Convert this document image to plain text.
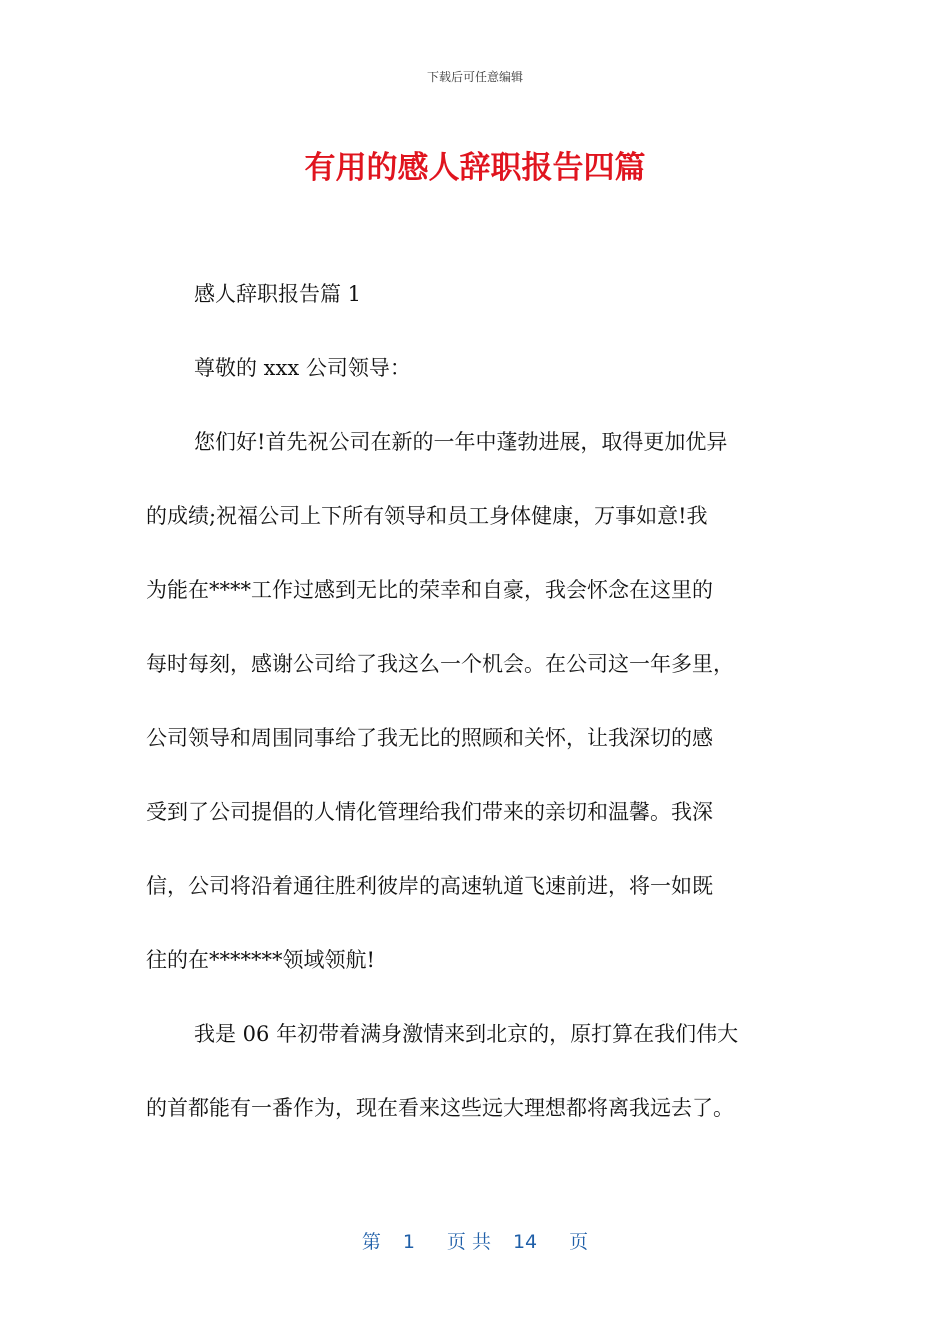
下载后可任意编辑
有用的感人辞职报告四篇

感人辞职报告篇 1

尊敬的 xxx 公司领导：

您们好!首先祝公司在新的一年中蓬勃进展，取得更加优异
的成绩;祝福公司上下所有领导和员工身体健康，万事如意!我
为能在****工作过感到无比的荣幸和自豪，我会怀念在这里的
每时每刻，感谢公司给了我这么一个机会。在公司这一年多里，
公司领导和周围同事给了我无比的照顾和关怀，让我深切的感
受到了公司提倡的人情化管理给我们带来的亲切和温馨。我深
信，公司将沿着通往胜利彼岸的高速轨道飞速前进，将一如既
往的在*******领域领航!

我是 06 年初带着满身激情来到北京的，原打算在我们伟大
的首都能有一番作为，现在看来这些远大理想都将离我远去了。

第 1 页 共 14 页
